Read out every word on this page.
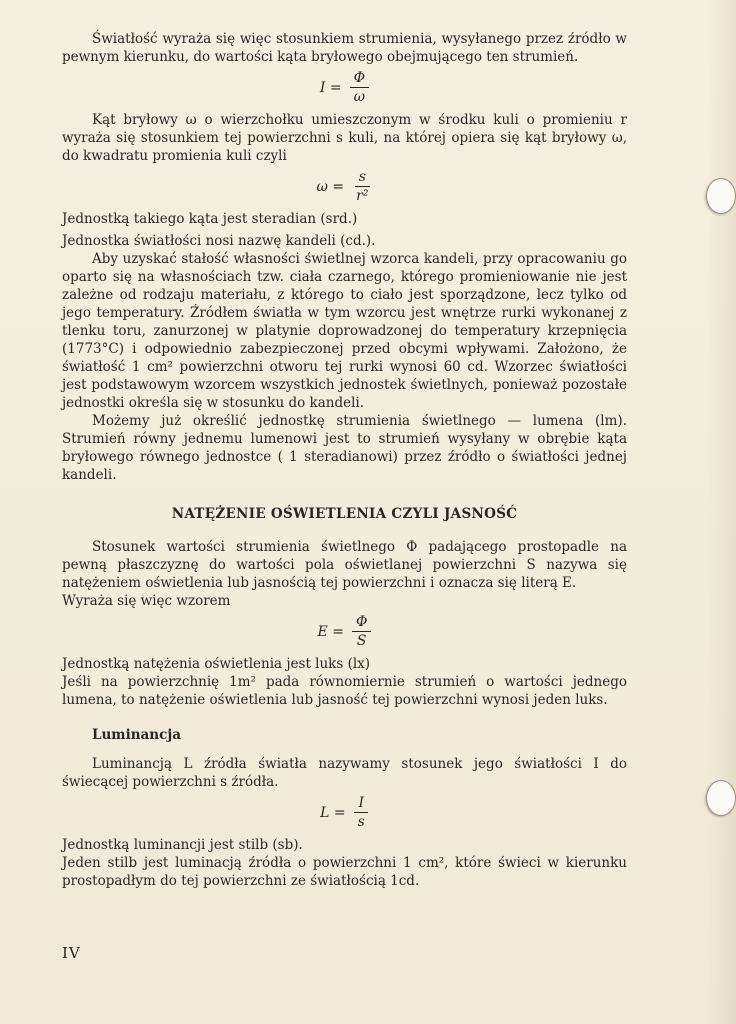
Światłość wyraża się więc stosunkiem strumienia, wysyłanego przez źródło w pewnym kierunku, do wartości kąta bryłowego obejmującego ten strumień.

$I = \frac{\Phi}{\omega}$

Kąt bryłowy ω o wierzchołku umieszczonym w środku kuli o promieniu r wyraża się stosunkiem tej powierzchni s kuli, na której opiera się kąt bryłowy ω, do kwadratu promienia kuli czyli

$\omega = \frac{s}{\text{r²}}$

Jednostką takiego kąta jest steradian (srd.)

Jednostka światłości nosi nazwę kandeli (cd.).

Aby uzyskać stałość własności świetlnej wzorca kandeli, przy opracowaniu go oparto się na własnościach tzw. ciała czarnego, którego promieniowanie nie jest zależne od rodzaju materiału, z którego to ciało jest sporządzone, lecz tylko od jego temperatury. Źródłem światła w tym wzorcu jest wnętrze rurki wykonanej z tlenku toru, zanurzonej w platynie doprowadzonej do temperatury krzepnięcia (1773°C) i odpowiednio zabezpieczonej przed obcymi wpływami. Założono, że światłość 1 cm² powierzchni otworu tej rurki wynosi 60 cd. Wzorzec światłości jest podstawowym wzorcem wszystkich jednostek świetlnych, ponieważ pozostałe jednostki określa się w stosunku do kandeli.

Możemy już określić jednostkę strumienia świetlnego — lumena (lm). Strumień równy jednemu lumenowi jest to strumień wysyłany w obrębie kąta bryłowego równego jednostce ( 1 steradianowi) przez źródło o światłości jednej kandeli.

NATĘŻENIE OŚWIETLENIA CZYLI JASNOŚĆ

Stosunek wartości strumienia świetlnego Φ padającego prostopadle na pewną płaszczyznę do wartości pola oświetlanej powierzchni S nazywa się natężeniem oświetlenia lub jasnością tej powierzchni i oznacza się literą E.

Wyraża się więc wzorem

$E = \frac{\Phi}{S}$

Jednostką natężenia oświetlenia jest luks (lx)

Jeśli na powierzchnię 1m² pada równomiernie strumień o wartości jednego lumena, to natężenie oświetlenia lub jasność tej powierzchni wynosi jeden luks.

Luminancja

Luminancją L źródła światła nazywamy stosunek jego światłości I do świecącej powierzchni s źródła.

$L = \frac{I}{s}$

Jednostką luminancji jest stilb (sb).

Jeden stilb jest luminacją źródła o powierzchni 1 cm², które świeci w kierunku prostopadłym do tej powierzchni ze światłością 1cd.

IV
